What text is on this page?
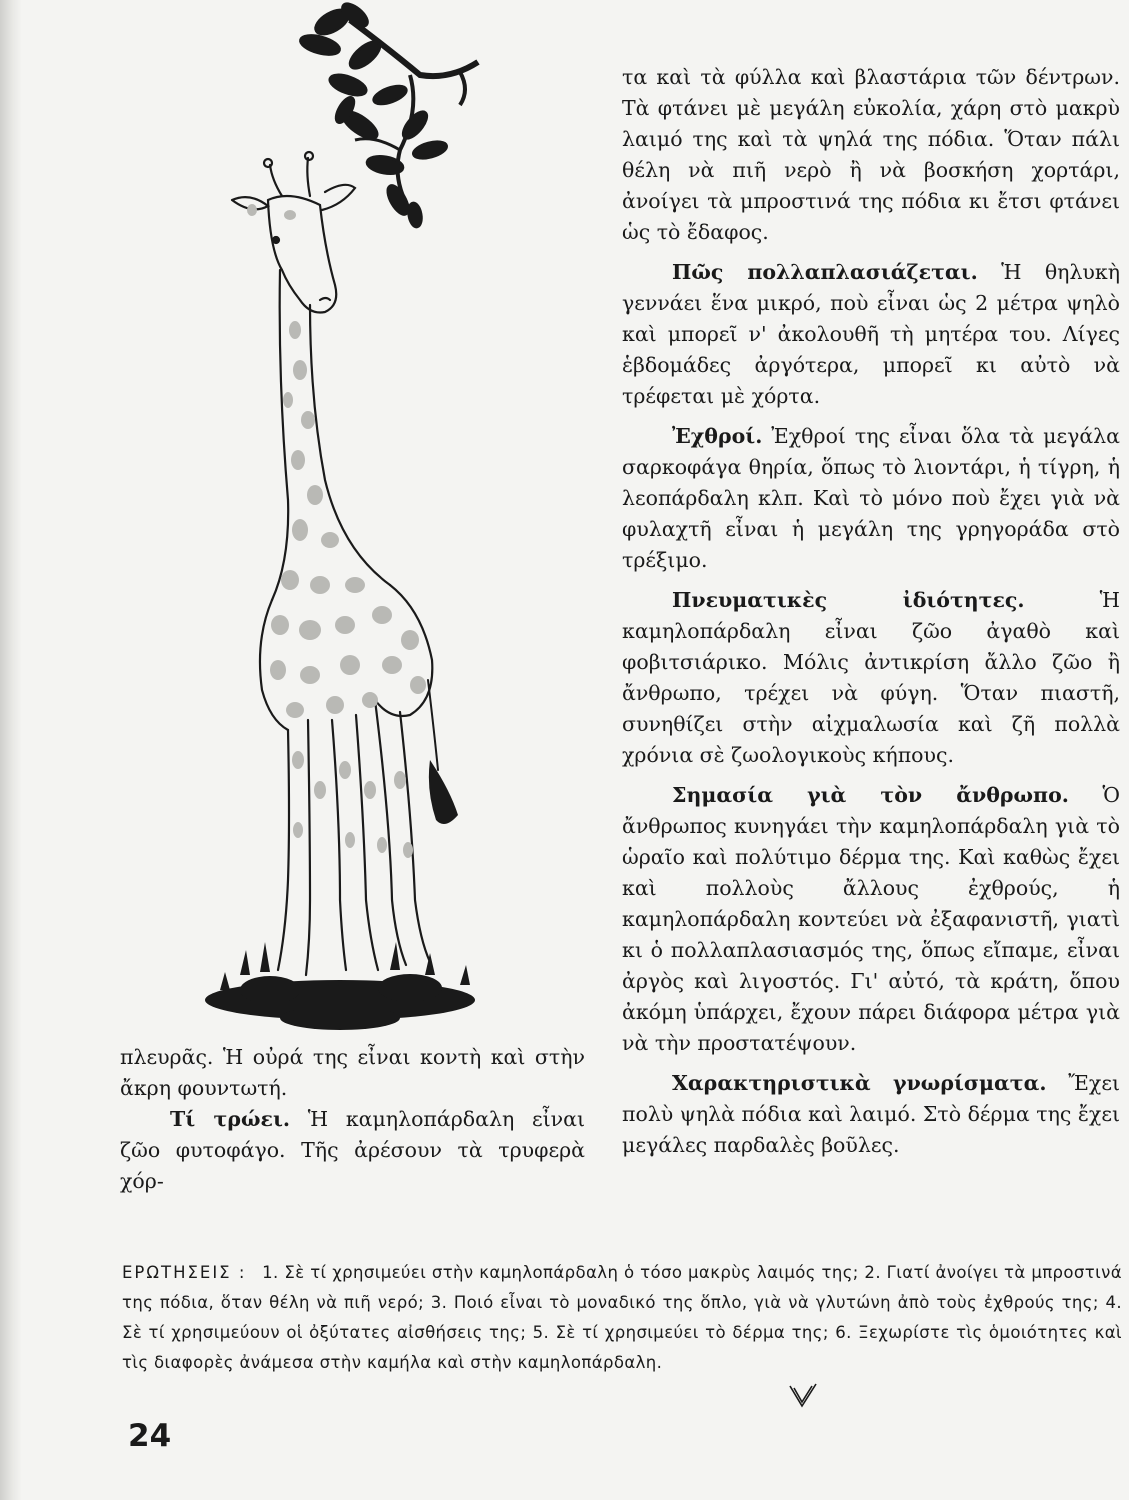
πλευρᾶς. Ἡ οὐρά της εἶναι κοντὴ καὶ στὴν ἄκρη φουντωτή.

Τί τρώει. Ἡ καμηλοπάρδαλη εἶναι ζῶο φυτοφάγο. Τῆς ἀρέσουν τὰ τρυφερὰ χόρ-

τα καὶ τὰ φύλλα καὶ βλαστάρια τῶν δέντρων. Τὰ φτάνει μὲ μεγάλη εὐκολία, χάρη στὸ μακρὺ λαιμό της καὶ τὰ ψηλά της πόδια. Ὅταν πάλι θέλη νὰ πιῆ νερὸ ἢ νὰ βοσκήση χορτάρι, ἀνοίγει τὰ μπροστινά της πόδια κι ἔτσι φτάνει ὡς τὸ ἔδαφος.

Πῶς πολλαπλασιάζεται. Ἡ θηλυκὴ γεννάει ἕνα μικρό, ποὺ εἶναι ὡς 2 μέτρα ψηλὸ καὶ μπορεῖ ν' ἀκολουθῆ τὴ μητέρα του. Λίγες ἑβδομάδες ἀργότερα, μπορεῖ κι αὐτὸ νὰ τρέφεται μὲ χόρτα.

Ἐχθροί. Ἐχθροί της εἶναι ὅλα τὰ μεγάλα σαρκοφάγα θηρία, ὅπως τὸ λιοντάρι, ἡ τίγρη, ἡ λεοπάρδαλη κλπ. Καὶ τὸ μόνο ποὺ ἔχει γιὰ νὰ φυλαχτῆ εἶναι ἡ μεγάλη της γρηγοράδα στὸ τρέξιμο.

Πνευματικὲς ἰδιότητες. Ἡ καμηλοπάρδαλη εἶναι ζῶο ἀγαθὸ καὶ φοβιτσιάρικο. Μόλις ἀντικρίση ἄλλο ζῶο ἢ ἄνθρωπο, τρέχει νὰ φύγη. Ὅταν πιαστῆ, συνηθίζει στὴν αἰχμαλωσία καὶ ζῆ πολλὰ χρόνια σὲ ζωολογικοὺς κήπους.

Σημασία γιὰ τὸν ἄνθρωπο. Ὁ ἄνθρωπος κυνηγάει τὴν καμηλοπάρδαλη γιὰ τὸ ὡραῖο καὶ πολύτιμο δέρμα της. Καὶ καθὼς ἔχει καὶ πολλοὺς ἄλλους ἐχθρούς, ἡ καμηλοπάρδαλη κοντεύει νὰ ἐξαφανιστῆ, γιατὶ κι ὁ πολλαπλασιασμός της, ὅπως εἴπαμε, εἶναι ἀργὸς καὶ λιγοστός. Γι' αὐτό, τὰ κράτη, ὅπου ἀκόμη ὑπάρχει, ἔχουν πάρει διάφορα μέτρα γιὰ νὰ τὴν προστατέψουν.

Χαρακτηριστικὰ γνωρίσματα. Ἔχει πολὺ ψηλὰ πόδια καὶ λαιμό. Στὸ δέρμα της ἔχει μεγάλες παρδαλὲς βοῦλες.

ΕΡΩΤΗΣΕΙΣ : 1. Σὲ τί χρησιμεύει στὴν καμηλοπάρδαλη ὁ τόσο μακρὺς λαιμός της; 2. Γιατί ἀνοίγει τὰ μπροστινά της πόδια, ὅταν θέλη νὰ πιῆ νερό; 3. Ποιό εἶναι τὸ μοναδικό της ὅπλο, γιὰ νὰ γλυτώνη ἀπὸ τοὺς ἐχθρούς της; 4. Σὲ τί χρησιμεύουν οἱ ὀξύτατες αἰσθήσεις της; 5. Σὲ τί χρησιμεύει τὸ δέρμα της; 6. Ξεχωρίστε τὶς ὁμοιότητες καὶ τὶς διαφορὲς ἀνάμεσα στὴν καμήλα καὶ στὴν καμηλοπάρδαλη.
24
